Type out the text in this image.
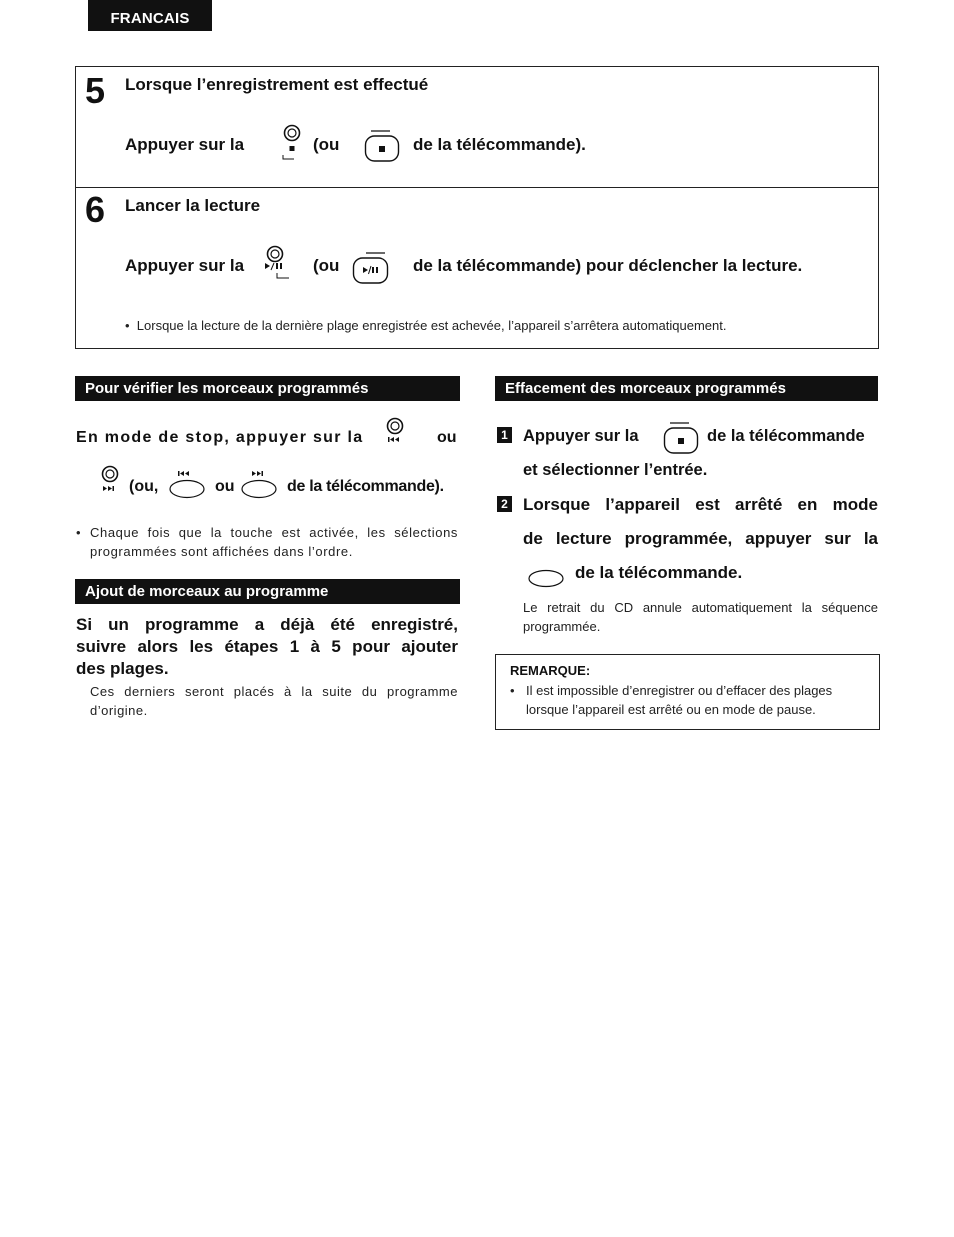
FRANCAIS
5 Lorsque l’enregistrement est effectué
Appuyer sur la	(ou	de la télécommande).
6 Lancer la lecture
Appuyer sur la	(ou	de la télécommande) pour déclencher la lecture.
•  Lorsque la lecture de la dernière plage enregistrée est achevée, l’appareil s’arrêtera automatiquement.
Pour vérifier les morceaux programmés
En mode de stop, appuyer sur la	ou
(ou,	ou	de la télécommande).
• Chaque fois que la touche est activée, les sélections programmées sont affichées dans l’ordre.
Ajout de morceaux au programme
Si un programme a déjà été enregistré,
suivre alors les étapes 1 à 5 pour ajouter
des plages.
Ces derniers seront placés à la suite du programme d’origine.
Effacement des morceaux programmés
1 Appuyer sur la	de la télécommande
et sélectionner l’entrée.
2 Lorsque l’appareil est arrêté en mode
de lecture programmée, appuyer sur la
de la télécommande.
Le retrait du CD annule automatiquement la séquence programmée.
REMARQUE:
• Il est impossible d’enregistrer ou d’effacer des plages lorsque l’appareil est arrêté ou en mode de pause.
